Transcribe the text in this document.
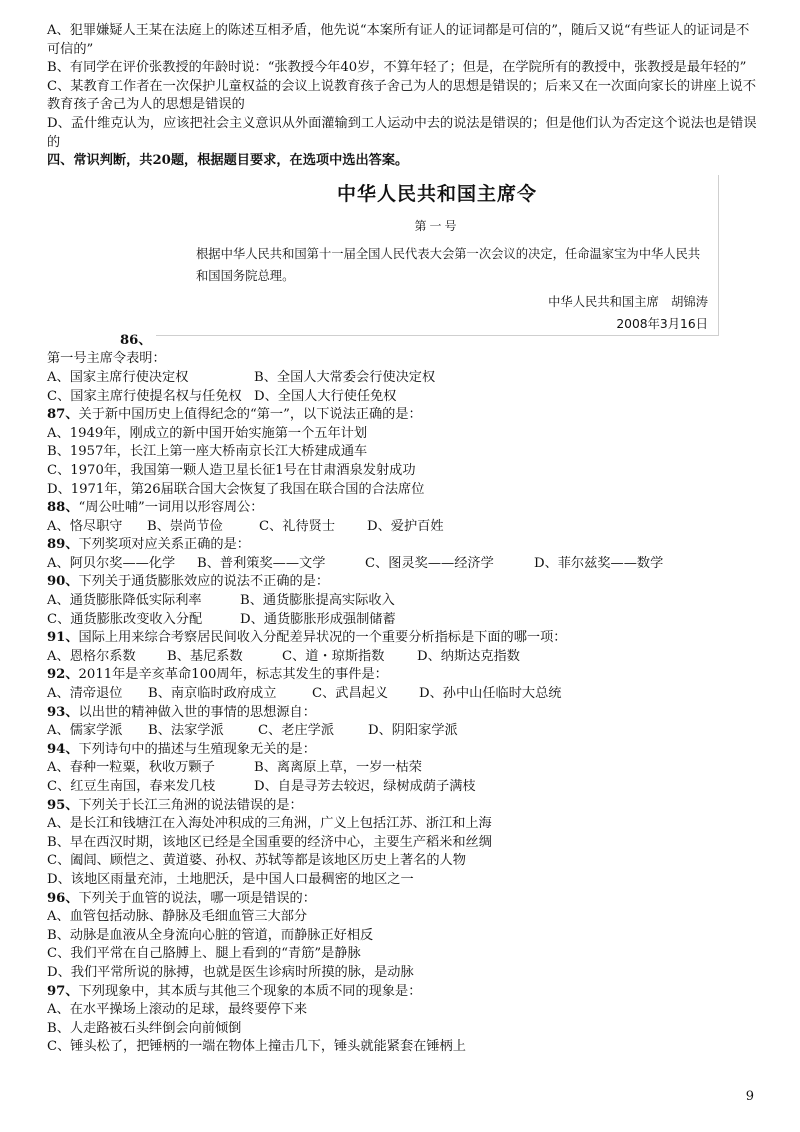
A、犯罪嫌疑人王某在法庭上的陈述互相矛盾，他先说“本案所有证人的证词都是可信的”，随后又说“有些证人的证词是不可信的”
B、有同学在评价张教授的年龄时说：“张教授今年40岁，不算年轻了；但是，在学院所有的教授中，张教授是最年轻的”
C、某教育工作者在一次保护儿童权益的会议上说教育孩子舍己为人的思想是错误的；后来又在一次面向家长的讲座上说不教育孩子舍己为人的思想是错误的
D、孟什维克认为，应该把社会主义意识从外面灌输到工人运动中去的说法是错误的；但是他们认为否定这个说法也是错误的
四、常识判断，共20题，根据题目要求，在选项中选出答案。
中华人民共和国主席令
第一号
根据中华人民共和国第十一届全国人民代表大会第一次会议的决定，任命温家宝为中华人民共和国国务院总理。
中华人民共和国主席　胡锦涛
2008年3月16日
86、
第一号主席令表明：
A、国家主席行使决定权	B、全国人大常委会行使决定权
C、国家主席行使提名权与任免权 D、全国人大行使任免权
87、关于新中国历史上值得纪念的“第一”，以下说法正确的是：
A、1949年，刚成立的新中国开始实施第一个五年计划
B、1957年，长江上第一座大桥南京长江大桥建成通车
C、1970年，我国第一颗人造卫星长征1号在甘肃酒泉发射成功
D、1971年，第26届联合国大会恢复了我国在联合国的合法席位
88、“周公吐哺”一词用以形容周公：
A、恪尽职守 B、崇尚节俭	C、礼待贤士 D、爱护百姓
89、下列奖项对应关系正确的是：
A、阿贝尔奖——化学 B、普利策奖——文学	C、图灵奖——经济学	D、菲尔兹奖——数学
90、下列关于通货膨胀效应的说法不正确的是：
A、通货膨胀降低实际利率	B、通货膨胀提高实际收入
C、通货膨胀改变收入分配	D、通货膨胀形成强制储蓄
91、国际上用来综合考察居民间收入分配差异状况的一个重要分析指标是下面的哪一项：
A、恩格尔系数 B、基尼系数	C、道・琼斯指数 D、纳斯达克指数
92、2011年是辛亥革命100周年，标志其发生的事件是：
A、清帝退位 B、南京临时政府成立	C、武昌起义 D、孙中山任临时大总统
93、以出世的精神做入世的事情的思想源自：
A、儒家学派 B、法家学派	C、老庄学派	D、阴阳家学派
94、下列诗句中的描述与生殖现象无关的是：
A、春种一粒粟，秋收万颗子	B、离离原上草，一岁一枯荣
C、红豆生南国，春来发几枝	D、自是寻芳去较迟，绿树成荫子满枝
95、下列关于长江三角洲的说法错误的是：
A、是长江和钱塘江在入海处冲积成的三角洲，广义上包括江苏、浙江和上海
B、早在西汉时期，该地区已经是全国重要的经济中心，主要生产稻米和丝绸
C、阖闾、顾恺之、黄道婆、孙权、苏轼等都是该地区历史上著名的人物
D、该地区雨量充沛，土地肥沃，是中国人口最稠密的地区之一
96、下列关于血管的说法，哪一项是错误的：
A、血管包括动脉、静脉及毛细血管三大部分
B、动脉是血液从全身流向心脏的管道，而静脉正好相反
C、我们平常在自己胳膊上、腿上看到的“青筋”是静脉
D、我们平常所说的脉搏，也就是医生诊病时所摸的脉，是动脉
97、下列现象中，其本质与其他三个现象的本质不同的现象是：
A、在水平操场上滚动的足球，最终要停下来
B、人走路被石头绊倒会向前倾倒
C、锤头松了，把锤柄的一端在物体上撞击几下，锤头就能紧套在锤柄上
9
